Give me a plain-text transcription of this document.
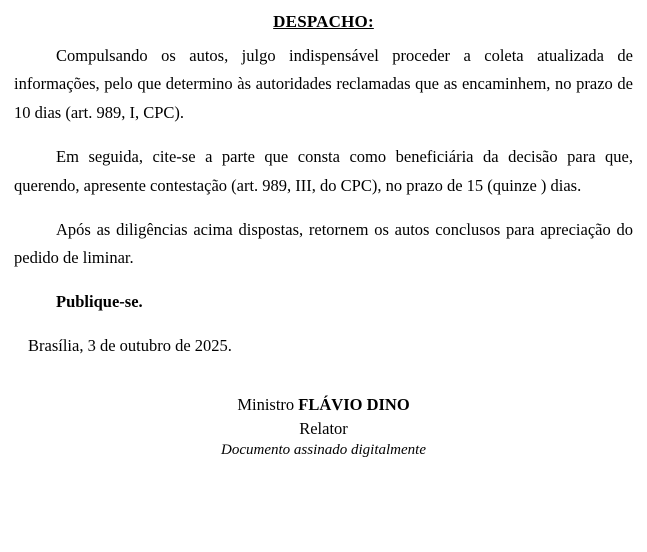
DESPACHO:

Compulsando os autos, julgo indispensável proceder a coleta atualizada de informações, pelo que determino às autoridades reclamadas que as encaminhem, no prazo de 10 dias (art. 989, I, CPC).

Em seguida, cite-se a parte que consta como beneficiária da decisão para que, querendo, apresente contestação (art. 989, III, do CPC), no prazo de 15 (quinze ) dias.

Após as diligências acima dispostas, retornem os autos conclusos para apreciação do pedido de liminar.

Publique-se.

Brasília, 3 de outubro de 2025.

Ministro FLÁVIO DINO
Relator
Documento assinado digitalmente
